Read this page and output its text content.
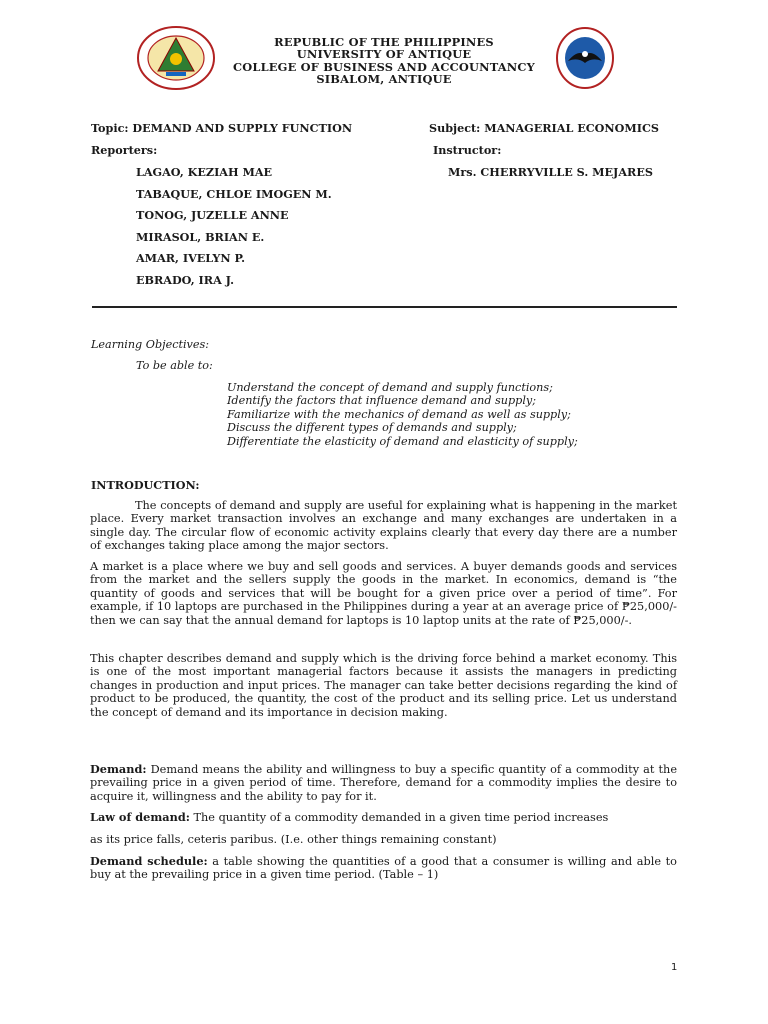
REPUBLIC OF THE PHILIPPINES
UNIVERSITY OF ANTIQUE
COLLEGE OF BUSINESS AND ACCOUNTANCY
SIBALOM, ANTIQUE
Topic: DEMAND AND SUPPLY FUNCTION	Subject: MANAGERIAL ECONOMICS
Reporters:	Instructor:
Mrs. CHERRYVILLE S. MEJARES
LAGAO, KEZIAH MAE
TABAQUE, CHLOE IMOGEN M.
TONOG, JUZELLE ANNE
MIRASOL, BRIAN E.
AMAR, IVELYN P.
EBRADO, IRA J.
Learning Objectives:
To be able to:
Understand the concept of demand and supply functions;
Identify the factors that influence demand and supply;
Familiarize with the mechanics of demand as well as supply;
Discuss the different types of demands and supply;
Differentiate the elasticity of demand and elasticity of supply;
INTRODUCTION:
The concepts of demand and supply are useful for explaining what is happening in the market place. Every market transaction involves an exchange and many exchanges are undertaken in a single day. The circular flow of economic activity explains clearly that every day there are a number of exchanges taking place among the major sectors.
A market is a place where we buy and sell goods and services. A buyer demands goods and services from the market and the sellers supply the goods in the market. In economics, demand is “the quantity of goods and services that will be bought for a given price over a period of time”. For example, if 10 laptops are purchased in the Philippines during a year at an average price of ₱25,000/- then we can say that the annual demand for laptops is 10 laptop units at the rate of ₱25,000/-.
This chapter describes demand and supply which is the driving force behind a market economy. This is one of the most important managerial factors because it assists the managers in predicting changes in production and input prices. The manager can take better decisions regarding the kind of product to be produced, the quantity, the cost of the product and its selling price. Let us understand the concept of demand and its importance in decision making.
Demand: Demand means the ability and willingness to buy a specific quantity of a commodity at the prevailing price in a given period of time. Therefore, demand for a commodity implies the desire to acquire it, willingness and the ability to pay for it.
Law of demand: The quantity of a commodity demanded in a given time period increases
as its price falls, ceteris paribus. (I.e. other things remaining constant)
Demand schedule: a table showing the quantities of a good that a consumer is willing and able to buy at the prevailing price in a given time period. (Table – 1)
1
